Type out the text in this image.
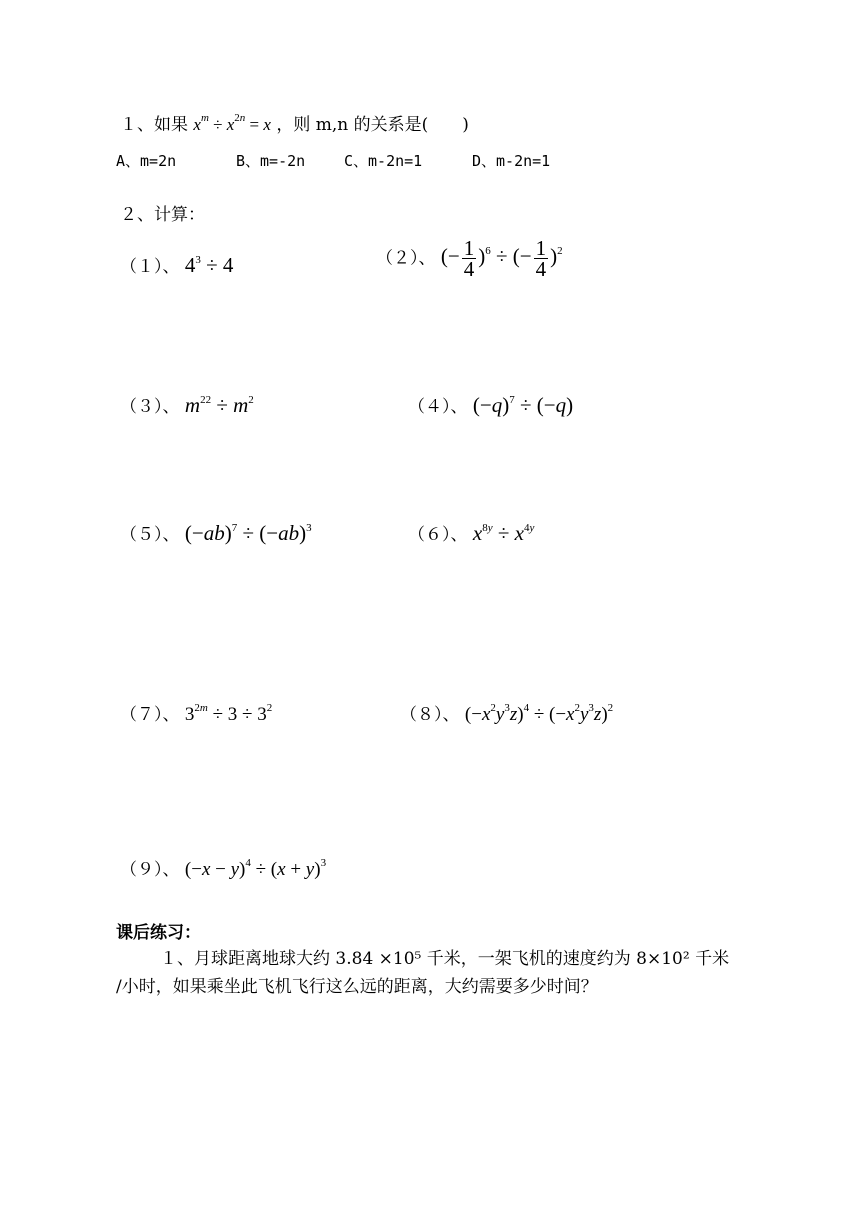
１、如果 $x^m \div x^{2n} = x$ ，则 m,n 的关系是(　　)
A、m=2n	B、m=-2n	C、m-2n=1	D、m-2n=1
２、计算：
（１）、 $4^3 \div 4$	（２）、 (− $\frac{1}{4} )^6$ ÷ (− $\frac{1}{4} )^2$
（３）、 $m^{22} \div m^2$	（４）、 $(-q)^7 \div (-q)$
（５）、 $(-ab)^7 \div (-ab)^3$	（６）、 $x^{8y} \div x^{4y}$
（７）、 $3^{2m} \div 3 \div 3^2$	（８）、 $(-x^2y^3z)^4 \div (-x^2y^3z)^2$
（９）、 $(-x - y)^4 \div (x + y)^3$
课后练习：
１、月球距离地球大约 3.84 ×10⁵ 千米，一架飞机的速度约为 8×10² 千米
/小时，如果乘坐此飞机飞行这么远的距离，大约需要多少时间？
